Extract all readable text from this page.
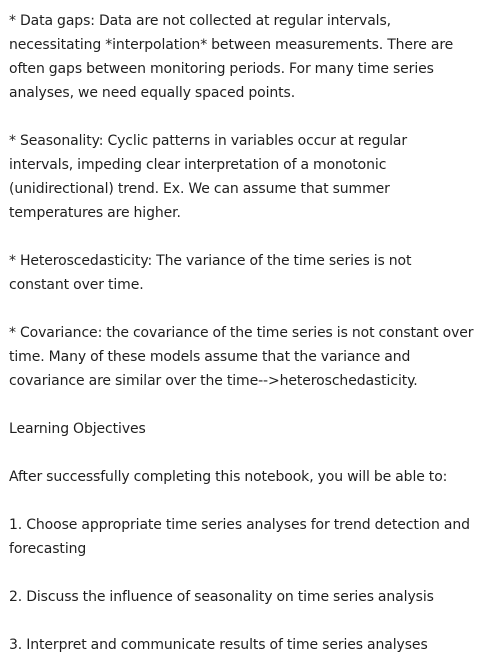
* Data gaps: Data are not collected at regular intervals, necessitating *interpolation* between measurements. There are often gaps between monitoring periods. For many time series analyses, we need equally spaced points.

* Seasonality: Cyclic patterns in variables occur at regular intervals, impeding clear interpretation of a monotonic (unidirectional) trend. Ex. We can assume that summer temperatures are higher.

* Heteroscedasticity: The variance of the time series is not constant over time.

* Covariance: the covariance of the time series is not constant over time. Many of these models assume that the variance and covariance are similar over the time-->heteroschedasticity.

Learning Objectives

After successfully completing this notebook, you will be able to:

1. Choose appropriate time series analyses for trend detection and forecasting

2. Discuss the influence of seasonality on time series analysis

3. Interpret and communicate results of time series analyses
